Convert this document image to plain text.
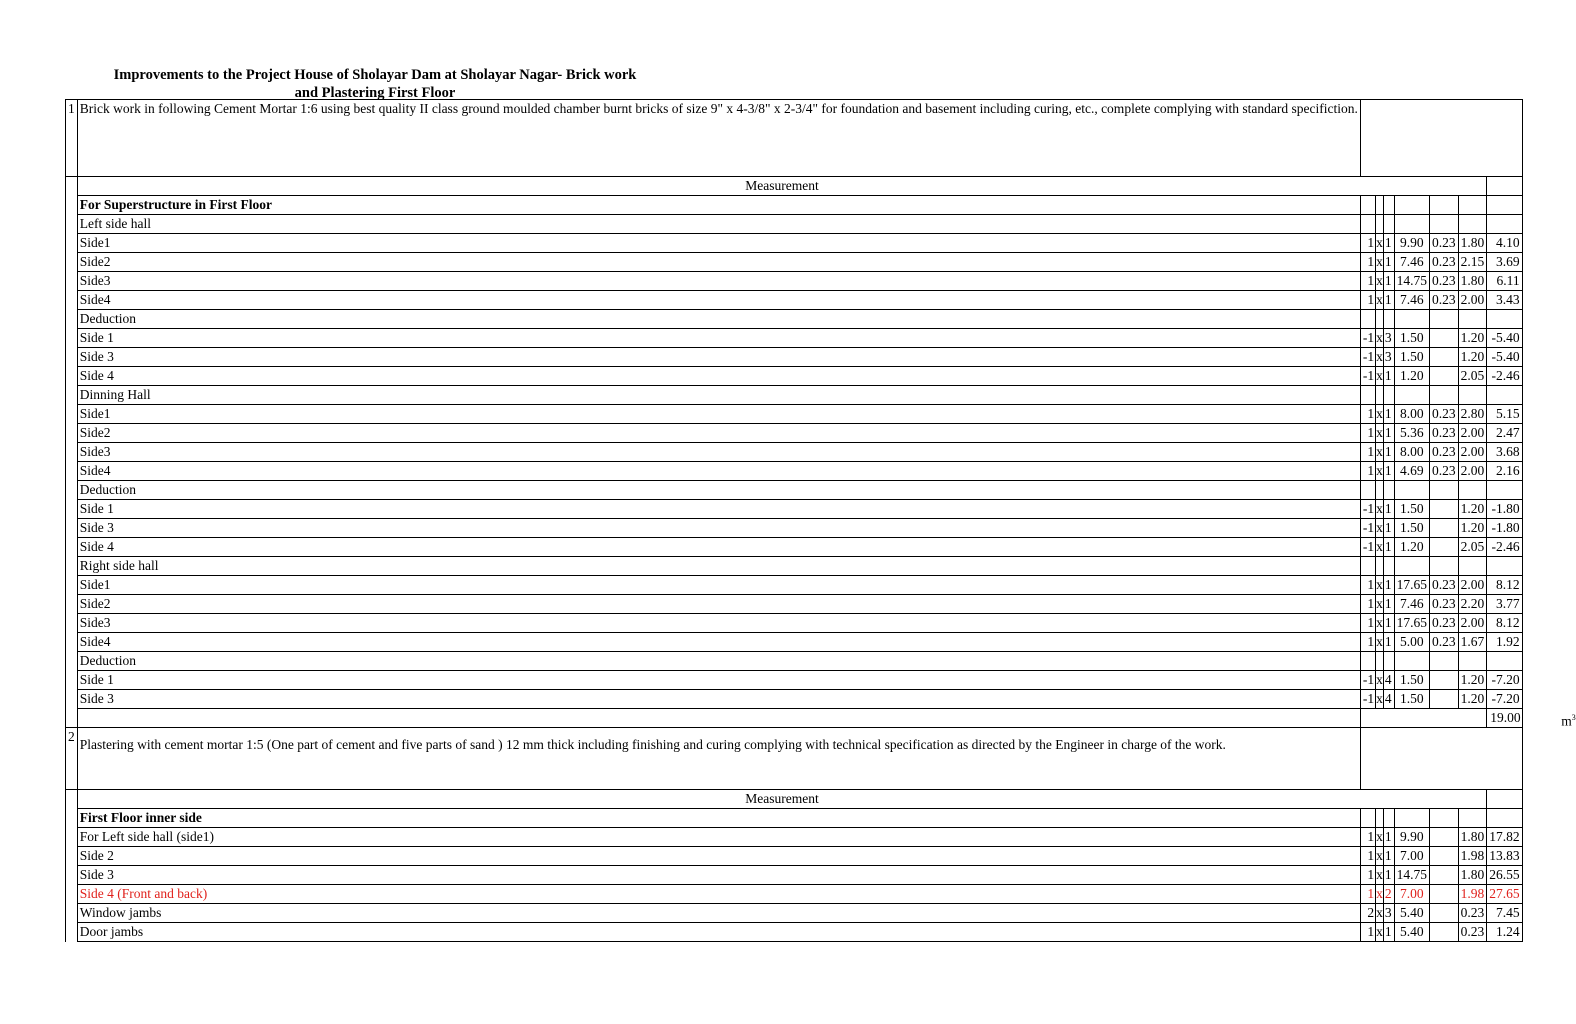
Improvements to the Project House of Sholayar Dam at Sholayar Nagar- Brick work
and Plastering First Floor
1	Brick work in following Cement Mortar 1:6 using best quality II class ground moulded chamber burnt bricks of size 9" x 4-3/8" x 2-3/4" for foundation and basement including curing, etc., complete complying with standard specifiction.							
	Measurement							
	For Superstructure in First Floor							
	Left side hall							
	Side1	1	x	1	9.90	0.23	1.80	4.10
	Side2	1	x	1	7.46	0.23	2.15	3.69
	Side3	1	x	1	14.75	0.23	1.80	6.11
	Side4	1	x	1	7.46	0.23	2.00	3.43
	Deduction							
	Side 1	-1	x	3	1.50		1.20	-5.40
	Side 3	-1	x	3	1.50		1.20	-5.40
	Side 4	-1	x	1	1.20		2.05	-2.46
	Dinning Hall							
	Side1	1	x	1	8.00	0.23	2.80	5.15
	Side2	1	x	1	5.36	0.23	2.00	2.47
	Side3	1	x	1	8.00	0.23	2.00	3.68
	Side4	1	x	1	4.69	0.23	2.00	2.16
	Deduction							
	Side 1	-1	x	1	1.50		1.20	-1.80
	Side 3	-1	x	1	1.50		1.20	-1.80
	Side 4	-1	x	1	1.20		2.05	-2.46
	Right side hall							
	Side1	1	x	1	17.65	0.23	2.00	8.12
	Side2	1	x	1	7.46	0.23	2.20	3.77
	Side3	1	x	1	17.65	0.23	2.00	8.12
	Side4	1	x	1	5.00	0.23	1.67	1.92
	Deduction							
	Side 1	-1	x	4	1.50		1.20	-7.20
	Side 3	-1	x	4	1.50		1.20	-7.20
								19.00 $m^3$

2	Plastering with cement mortar 1:5 (One part of cement and five parts of sand ) 12 mm thick including finishing and curing complying with technical specification as directed by the Engineer in charge of the work.							
	Measurement							
	First Floor inner side							
	For Left side hall (side1)	1	x	1	9.90		1.80	17.82
	Side 2	1	x	1	7.00		1.98	13.83
	Side 3	1	x	1	14.75		1.80	26.55
	Side 4 (Front and back)	1	x	2	7.00		1.98	27.65
	Window jambs	2	x	3	5.40		0.23	7.45
	Door jambs	1	x	1	5.40		0.23	1.24
